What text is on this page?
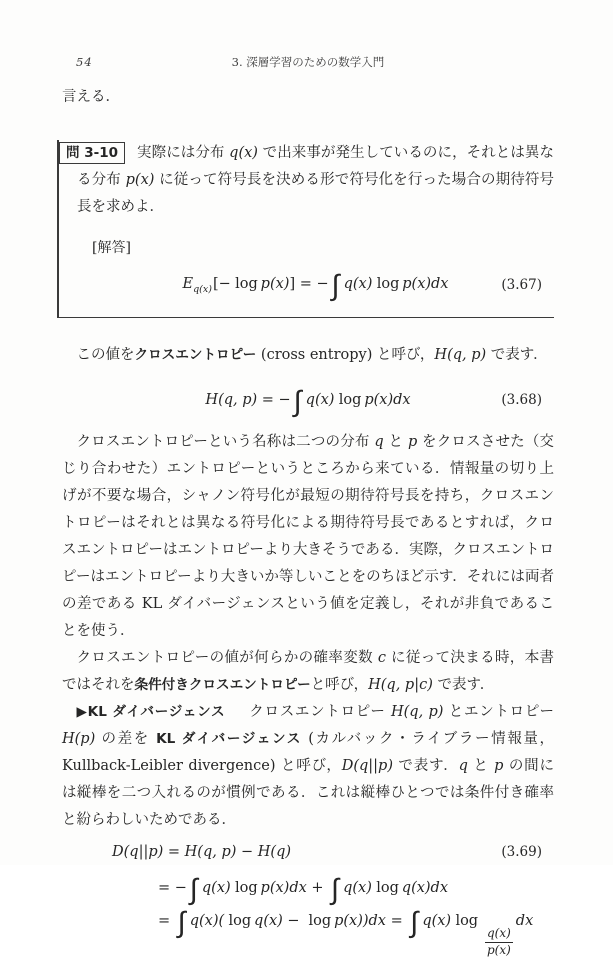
54	3. 深層学習のための数学入門

言える．

問 3-10 実際には分布 q(x) で出来事が発生しているのに，それとは異なる分布 p(x) に従って符号長を決める形で符号化を行った場合の期待符号長を求めよ．

[解答]

$E_{q(x)}[- \log p(x)]$ = − ∫ q(x) log p(x)dx	(3.67)

この値をクロスエントロピー (cross entropy) と呼び，H(q, p) で表す．

H(q, p) = − ∫ q(x) log p(x)dx	(3.68)

クロスエントロピーという名称は二つの分布 q と p をクロスさせた（交じり合わせた）エントロピーというところから来ている．情報量の切り上げが不要な場合，シャノン符号化が最短の期待符号長を持ち，クロスエントロピーはそれとは異なる符号化による期待符号長であるとすれば，クロスエントロピーはエントロピーより大きそうである．実際，クロスエントロピーはエントロピーより大きいか等しいことをのちほど示す．それには両者の差である KL ダイバージェンスという値を定義し，それが非負であることを使う．

クロスエントロピーの値が何らかの確率変数 c に従って決まる時，本書ではそれを条件付きクロスエントロピーと呼び，H(q, p|c) で表す．

▶KL ダイバージェンス クロスエントロピー H(q, p) とエントロピー H(p) の差を KL ダイバージェンス (カルバック・ライブラー情報量，Kullback-Leibler divergence) と呼び，D(q||p) で表す．q と p の間には縦棒を二つ入れるのが慣例である．これは縦棒ひとつでは条件付き確率と紛らわしいためである．

D(q||p) = H(q, p) − H(q)	(3.69)
= − ∫ q(x) log p(x)dx + ∫ q(x) log q(x)dx
= ∫ q(x)( log q(x) − log p(x))dx = ∫ q(x) log
$\frac{q(x)}{p(x)}$
dx
